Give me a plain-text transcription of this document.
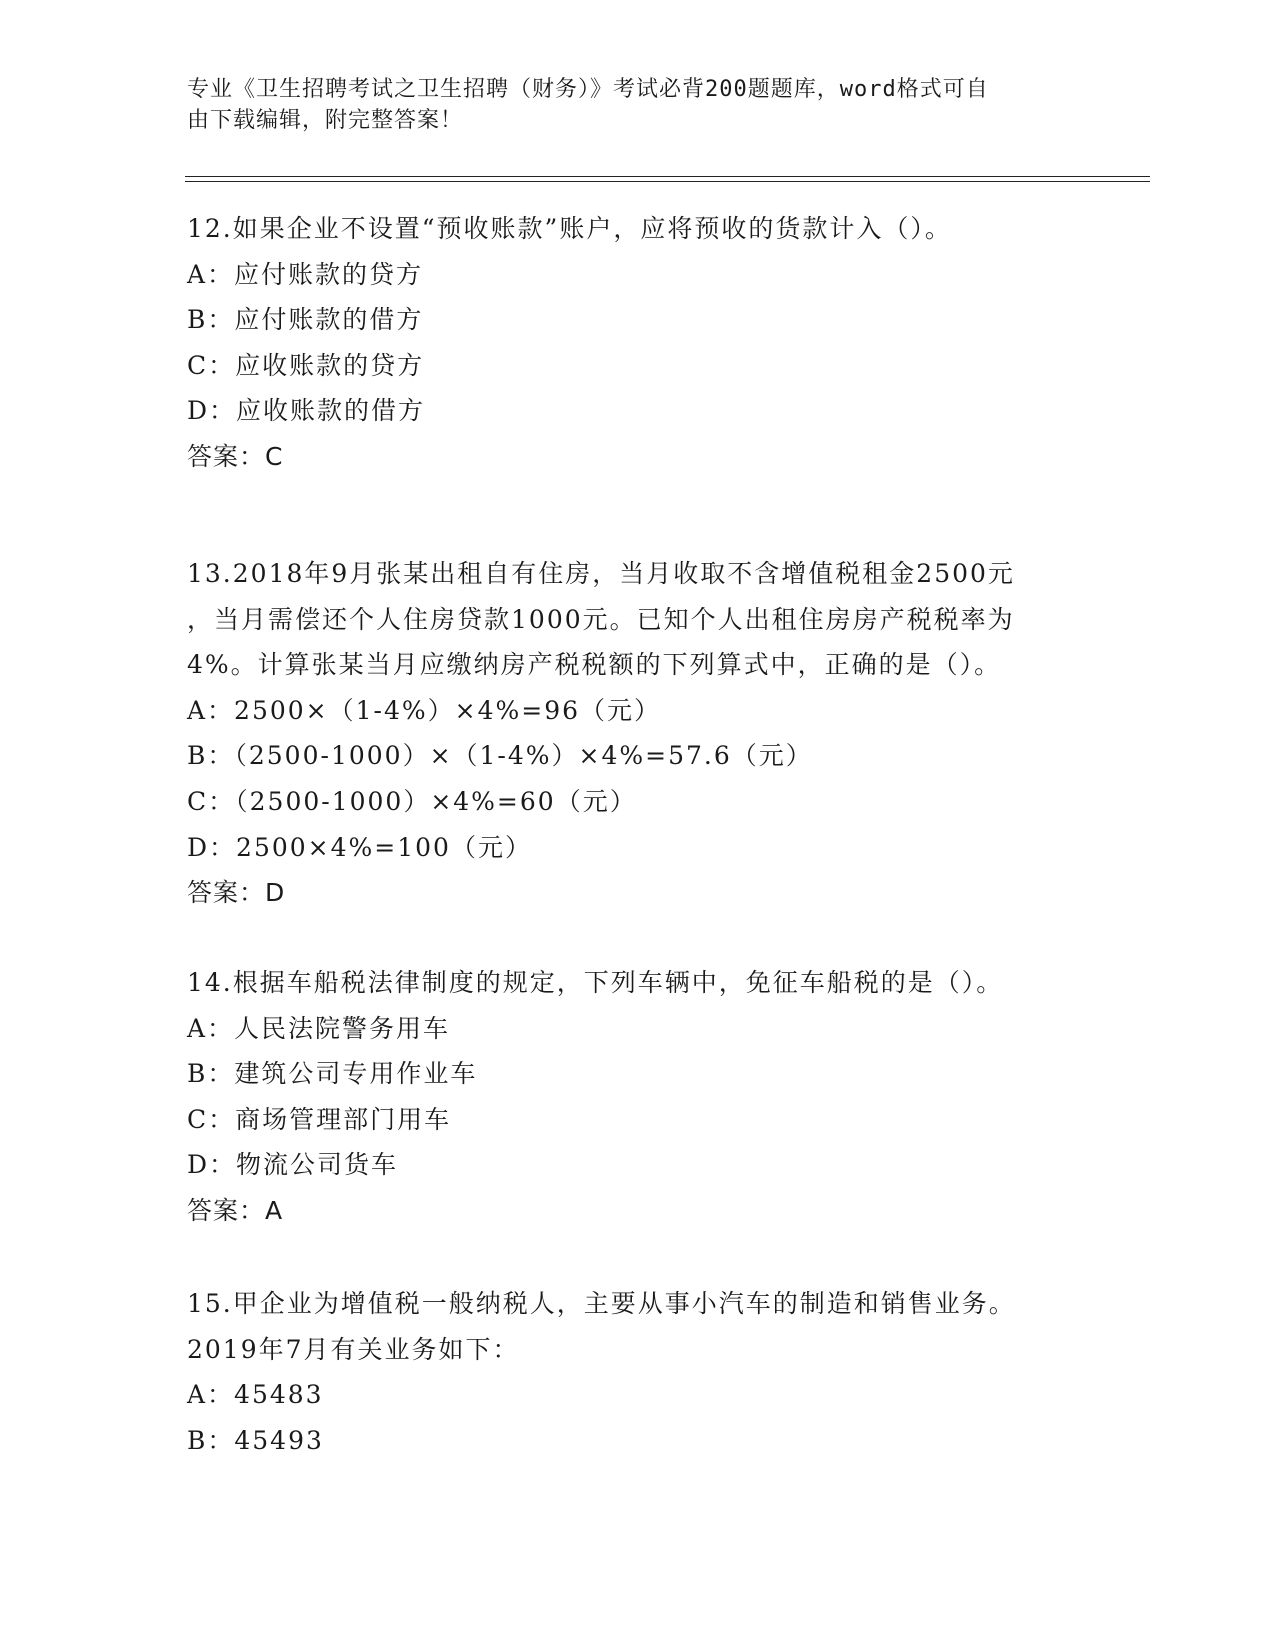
专业《卫生招聘考试之卫生招聘（财务）》考试必背200题题库，word格式可自
由下载编辑，附完整答案！
12.如果企业不设置“预收账款”账户，应将预收的货款计入（）。
A：应付账款的贷方
B：应付账款的借方
C：应收账款的贷方
D：应收账款的借方
答案：C
13.2018年9月张某出租自有住房，当月收取不含增值税租金2500元
，当月需偿还个人住房贷款1000元。已知个人出租住房房产税税率为
4%。计算张某当月应缴纳房产税税额的下列算式中，正确的是（）。
A：2500×（1-4%）×4%=96（元）
B：（2500-1000）×（1-4%）×4%=57.6（元）
C：（2500-1000）×4%=60（元）
D：2500×4%=100（元）
答案：D
14.根据车船税法律制度的规定，下列车辆中，免征车船税的是（）。
A：人民法院警务用车
B：建筑公司专用作业车
C：商场管理部门用车
D：物流公司货车
答案：A
15.甲企业为增值税一般纳税人，主要从事小汽车的制造和销售业务。
2019年7月有关业务如下：
A：45483
B：45493
